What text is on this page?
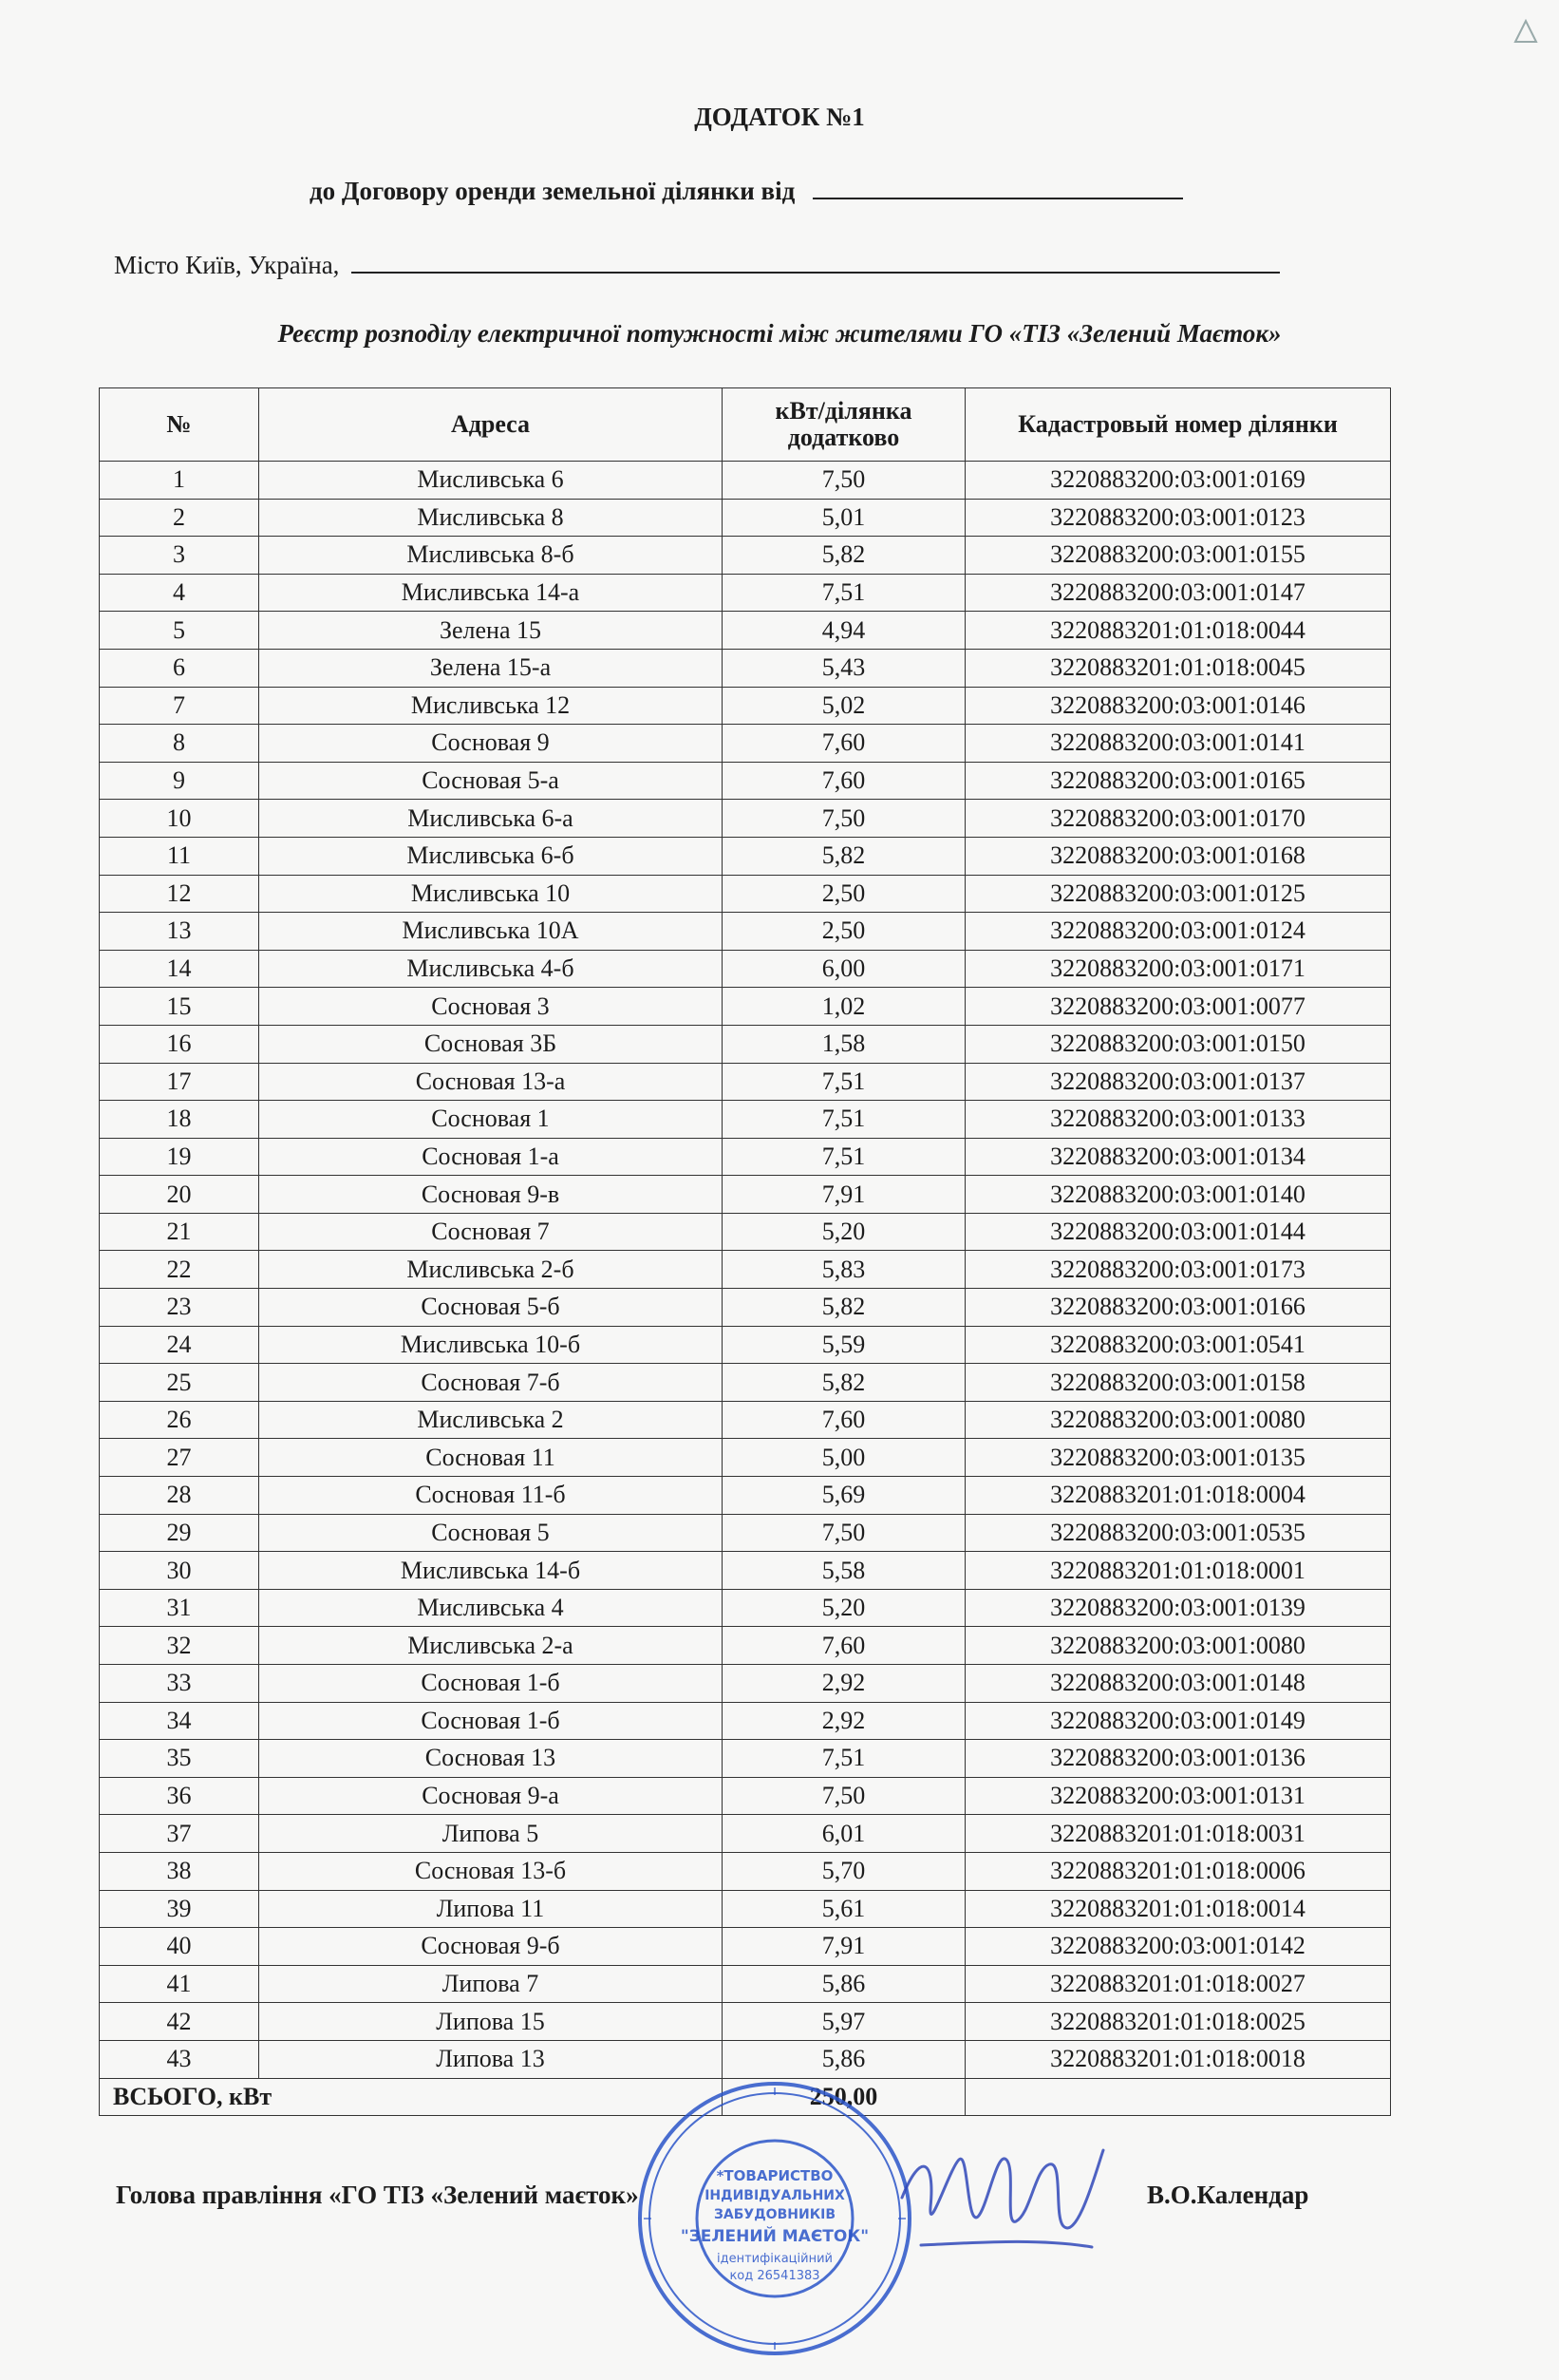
ДОДАТОК №1
до Договору оренди земельної ділянки від
Місто Київ, Україна,
Реєстр розподілу електричної потужності між жителями ГО «ТІЗ «Зелений Маєток»
№	Адреса	кВт/ділянка додатково	Кадастровый номер ділянки
1	Мисливська 6	7,50	3220883200:03:001:0169
2	Мисливська 8	5,01	3220883200:03:001:0123
3	Мисливська 8-б	5,82	3220883200:03:001:0155
4	Мисливська 14-а	7,51	3220883200:03:001:0147
5	Зелена 15	4,94	3220883201:01:018:0044
6	Зелена 15-а	5,43	3220883201:01:018:0045
7	Мисливська 12	5,02	3220883200:03:001:0146
8	Сосновая 9	7,60	3220883200:03:001:0141
9	Сосновая 5-а	7,60	3220883200:03:001:0165
10	Мисливська 6-а	7,50	3220883200:03:001:0170
11	Мисливська 6-б	5,82	3220883200:03:001:0168
12	Мисливська 10	2,50	3220883200:03:001:0125
13	Мисливська 10А	2,50	3220883200:03:001:0124
14	Мисливська 4-б	6,00	3220883200:03:001:0171
15	Сосновая 3	1,02	3220883200:03:001:0077
16	Сосновая 3Б	1,58	3220883200:03:001:0150
17	Сосновая 13-а	7,51	3220883200:03:001:0137
18	Сосновая 1	7,51	3220883200:03:001:0133
19	Сосновая 1-а	7,51	3220883200:03:001:0134
20	Сосновая 9-в	7,91	3220883200:03:001:0140
21	Сосновая 7	5,20	3220883200:03:001:0144
22	Мисливська 2-б	5,83	3220883200:03:001:0173
23	Сосновая 5-б	5,82	3220883200:03:001:0166
24	Мисливська 10-б	5,59	3220883200:03:001:0541
25	Сосновая 7-б	5,82	3220883200:03:001:0158
26	Мисливська 2	7,60	3220883200:03:001:0080
27	Сосновая 11	5,00	3220883200:03:001:0135
28	Сосновая 11-б	5,69	3220883201:01:018:0004
29	Сосновая 5	7,50	3220883200:03:001:0535
30	Мисливська 14-б	5,58	3220883201:01:018:0001
31	Мисливська 4	5,20	3220883200:03:001:0139
32	Мисливська 2-а	7,60	3220883200:03:001:0080
33	Сосновая 1-б	2,92	3220883200:03:001:0148
34	Сосновая 1-б	2,92	3220883200:03:001:0149
35	Сосновая 13	7,51	3220883200:03:001:0136
36	Сосновая 9-а	7,50	3220883200:03:001:0131
37	Липова 5	6,01	3220883201:01:018:0031
38	Сосновая 13-б	5,70	3220883201:01:018:0006
39	Липова 11	5,61	3220883201:01:018:0014
40	Сосновая 9-б	7,91	3220883200:03:001:0142
41	Липова 7	5,86	3220883201:01:018:0027
42	Липова 15	5,97	3220883201:01:018:0025
43	Липова 13	5,86	3220883201:01:018:0018
ВСЬОГО, кВт		250,00	
Голова правління «ГО ТІЗ «Зелений маєток»	В.О.Календар
*ТОВАРИСТВО
ІНДИВІДУАЛЬНИХ
ЗАБУДОВНИКІВ
"ЗЕЛЕНИЙ МАЄТОК"
ідентифікаційний
код 26541383
